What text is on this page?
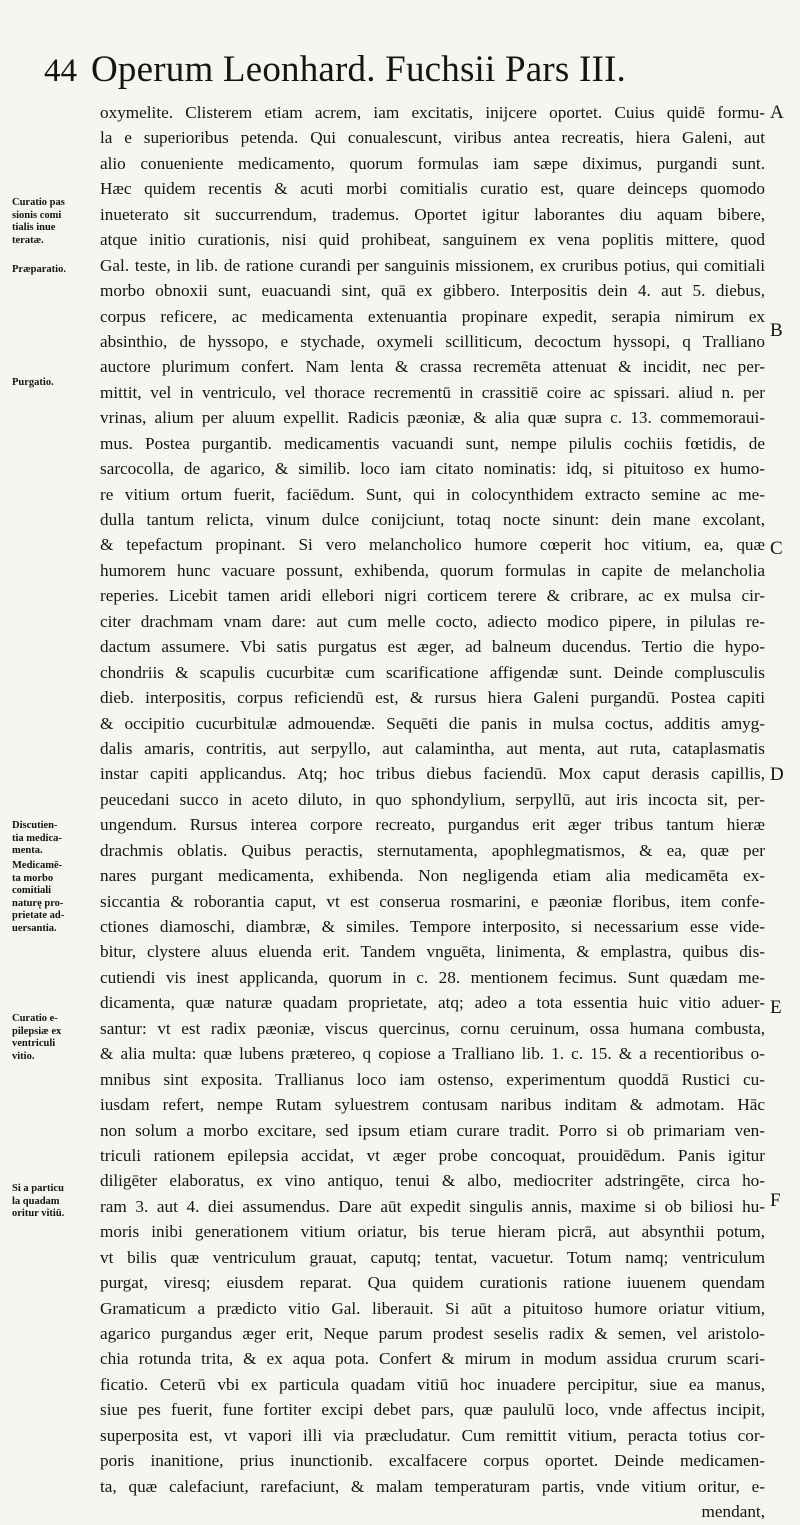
44 Operum Leonhard. Fuchsii Pars III.
Curatio pas
sionis comi
tialis inue
teratæ.
Præparatio.
Purgatio.
Discutien-
tia medica-
menta.
Medicamē-
ta morbo
comitiali
naturę pro-
prietate ad-
uersantia.
Curatio e-
pilepsiæ ex
ventriculi
vitio.
Si a particu
la quadam
oritur vitiū.
A
B
C
D
E
F
oxymelite. Clisterem etiam acrem, iam excitatis, inijcere oportet. Cuius quidē formu-
la e superioribus petenda. Qui conualescunt, viribus antea recreatis, hiera Galeni, aut
alio conueniente medicamento, quorum formulas iam sæpe diximus, purgandi sunt.
Hæc quidem recentis & acuti morbi comitialis curatio est, quare deinceps quomodo
inueterato sit succurrendum, trademus. Oportet igitur laborantes diu aquam bibere,
atque initio curationis, nisi quid prohibeat, sanguinem ex vena poplitis mittere, quod
Gal. teste, in lib. de ratione curandi per sanguinis missionem, ex cruribus potius, qui comitiali
morbo obnoxii sunt, euacuandi sint, quā ex gibbero. Interpositis dein 4. aut 5. diebus,
corpus reficere, ac medicamenta extenuantia propinare expedit, serapia nimirum ex
absinthio, de hyssopo, e stychade, oxymeli scilliticum, decoctum hyssopi, q Tralliano
auctore plurimum confert. Nam lenta & crassa recremēta attenuat & incidit, nec per-
mittit, vel in ventriculo, vel thorace recrementū in crassitiē coire ac spissari. aliud n. per
vrinas, alium per aluum expellit. Radicis pæoniæ, & alia quæ supra c. 13. commemoraui-
mus. Postea purgantib. medicamentis vacuandi sunt, nempe pilulis cochiis fœtidis, de
sarcocolla, de agarico, & similib. loco iam citato nominatis: idq, si pituitoso ex humo-
re vitium ortum fuerit, faciēdum. Sunt, qui in colocynthidem extracto semine ac me-
dulla tantum relicta, vinum dulce conijciunt, totaq nocte sinunt: dein mane excolant,
& tepefactum propinant. Si vero melancholico humore cœperit hoc vitium, ea, quæ
humorem hunc vacuare possunt, exhibenda, quorum formulas in capite de melancholia
reperies. Licebit tamen aridi ellebori nigri corticem terere & cribrare, ac ex mulsa cir-
citer drachmam vnam dare: aut cum melle cocto, adiecto modico pipere, in pilulas re-
dactum assumere. Vbi satis purgatus est æger, ad balneum ducendus. Tertio die hypo-
chondriis & scapulis cucurbitæ cum scarificatione affigendæ sunt. Deinde complusculis
dieb. interpositis, corpus reficiendū est, & rursus hiera Galeni purgandū. Postea capiti
& occipitio cucurbitulæ admouendæ. Sequēti die panis in mulsa coctus, additis amyg-
dalis amaris, contritis, aut serpyllo, aut calamintha, aut menta, aut ruta, cataplasmatis
instar capiti applicandus. Atq; hoc tribus diebus faciendū. Mox caput derasis capillis,
peucedani succo in aceto diluto, in quo sphondylium, serpyllū, aut iris incocta sit, per-
ungendum. Rursus interea corpore recreato, purgandus erit æger tribus tantum hieræ
drachmis oblatis. Quibus peractis, sternutamenta, apophlegmatismos, & ea, quæ per
nares purgant medicamenta, exhibenda. Non negligenda etiam alia medicamēta ex-
siccantia & roborantia caput, vt est conserua rosmarini, e pæoniæ floribus, item confe-
ctiones diamoschi, diambræ, & similes. Tempore interposito, si necessarium esse vide-
bitur, clystere aluus eluenda erit. Tandem vnguēta, linimenta, & emplastra, quibus dis-
cutiendi vis inest applicanda, quorum in c. 28. mentionem fecimus. Sunt quædam me-
dicamenta, quæ naturæ quadam proprietate, atq; adeo a tota essentia huic vitio aduer-
santur: vt est radix pæoniæ, viscus quercinus, cornu ceruinum, ossa humana combusta,
& alia multa: quæ lubens prætereo, q copiose a Tralliano lib. 1. c. 15. & a recentioribus o-
mnibus sint exposita. Trallianus loco iam ostenso, experimentum quoddā Rustici cu-
iusdam refert, nempe Rutam syluestrem contusam naribus inditam & admotam. Hāc
non solum a morbo excitare, sed ipsum etiam curare tradit. Porro si ob primariam ven-
triculi rationem epilepsia accidat, vt æger probe concoquat, prouidēdum. Panis igitur
diligēter elaboratus, ex vino antiquo, tenui & albo, mediocriter adstringēte, circa ho-
ram 3. aut 4. diei assumendus. Dare aūt expedit singulis annis, maxime si ob biliosi hu-
moris inibi generationem vitium oriatur, bis terue hieram picrā, aut absynthii potum,
vt bilis quæ ventriculum grauat, caputq; tentat, vacuetur. Totum namq; ventriculum
purgat, viresq; eiusdem reparat. Qua quidem curationis ratione iuuenem quendam
Gramaticum a prædicto vitio Gal. liberauit. Si aūt a pituitoso humore oriatur vitium,
agarico purgandus æger erit, Neque parum prodest seselis radix & semen, vel aristolo-
chia rotunda trita, & ex aqua pota. Confert & mirum in modum assidua crurum scari-
ficatio. Ceterū vbi ex particula quadam vitiū hoc inuadere percipitur, siue ea manus,
siue pes fuerit, fune fortiter excipi debet pars, quæ paululū loco, vnde affectus incipit,
superposita est, vt vapori illi via præcludatur. Cum remittit vitium, peracta totius cor-
poris inanitione, prius inunctionib. excalfacere corpus oportet. Deinde medicamen-
ta, quæ calefaciunt, rarefaciunt, & malam temperaturam partis, vnde vitium oritur, e-
mendant,
